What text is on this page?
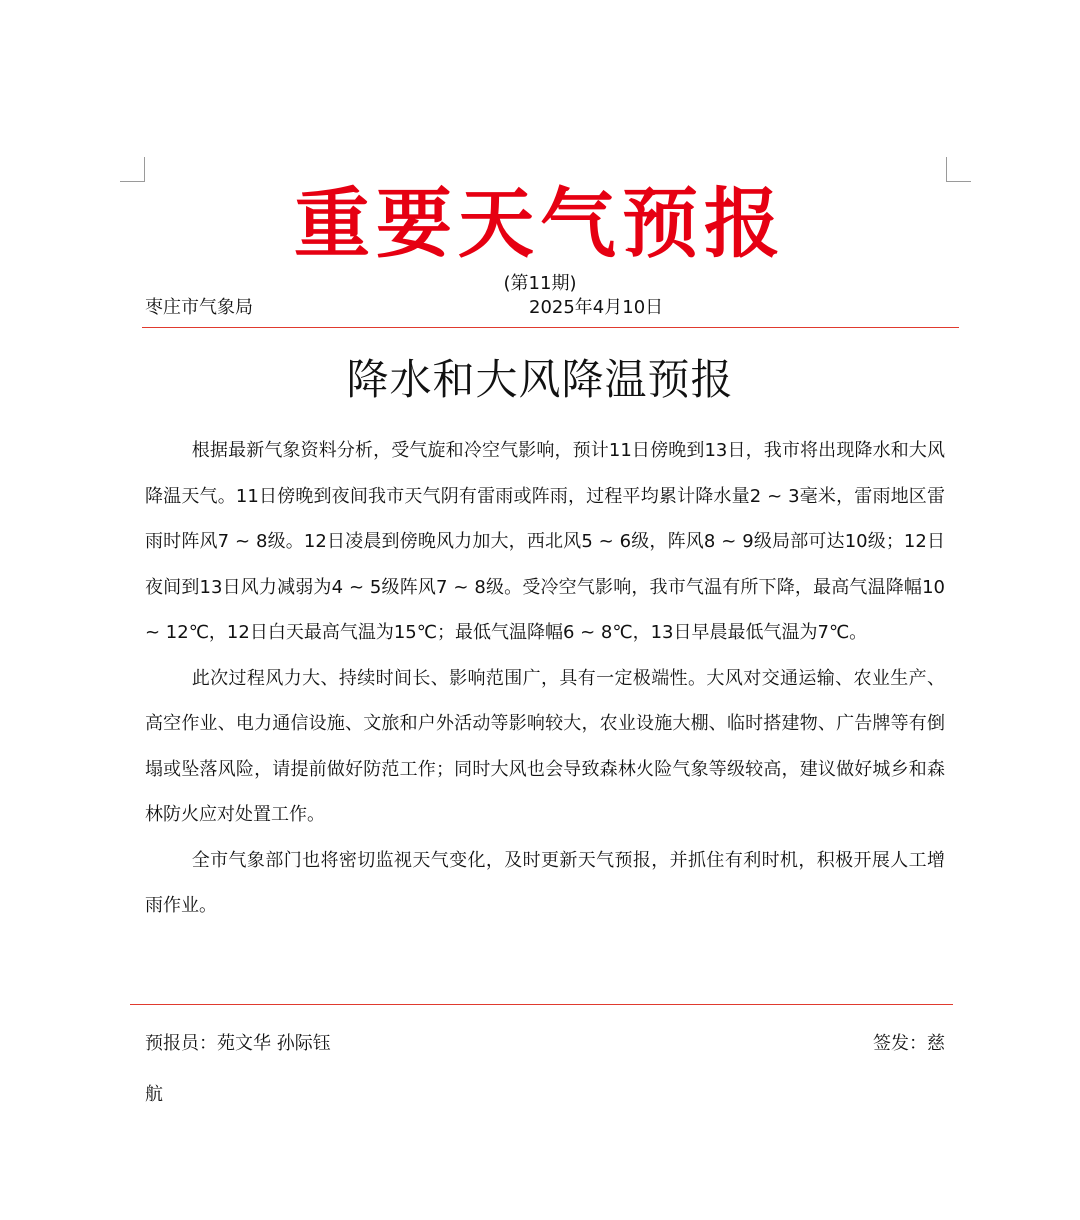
重要天气预报
(第11期)
枣庄市气象局	2025年4月10日
降水和大风降温预报

根据最新气象资料分析，受气旋和冷空气影响，预计11日傍晚到13日，我市将出现降水和大风降温天气。11日傍晚到夜间我市天气阴有雷雨或阵雨，过程平均累计降水量2 ~ 3毫米，雷雨地区雷雨时阵风7 ~ 8级。12日凌晨到傍晚风力加大，西北风5 ~ 6级，阵风8 ~ 9级局部可达10级；12日夜间到13日风力减弱为4 ~ 5级阵风7 ~ 8级。受冷空气影响，我市气温有所下降，最高气温降幅10 ~ 12℃，12日白天最高气温为15℃；最低气温降幅6 ~ 8℃，13日早晨最低气温为7℃。

此次过程风力大、持续时间长、影响范围广，具有一定极端性。大风对交通运输、农业生产、高空作业、电力通信设施、文旅和户外活动等影响较大，农业设施大棚、临时搭建物、广告牌等有倒塌或坠落风险，请提前做好防范工作；同时大风也会导致森林火险气象等级较高，建议做好城乡和森林防火应对处置工作。

全市气象部门也将密切监视天气变化，及时更新天气预报，并抓住有利时机，积极开展人工增雨作业。

预报员：苑文华 孙际钰	签发：慈
航
